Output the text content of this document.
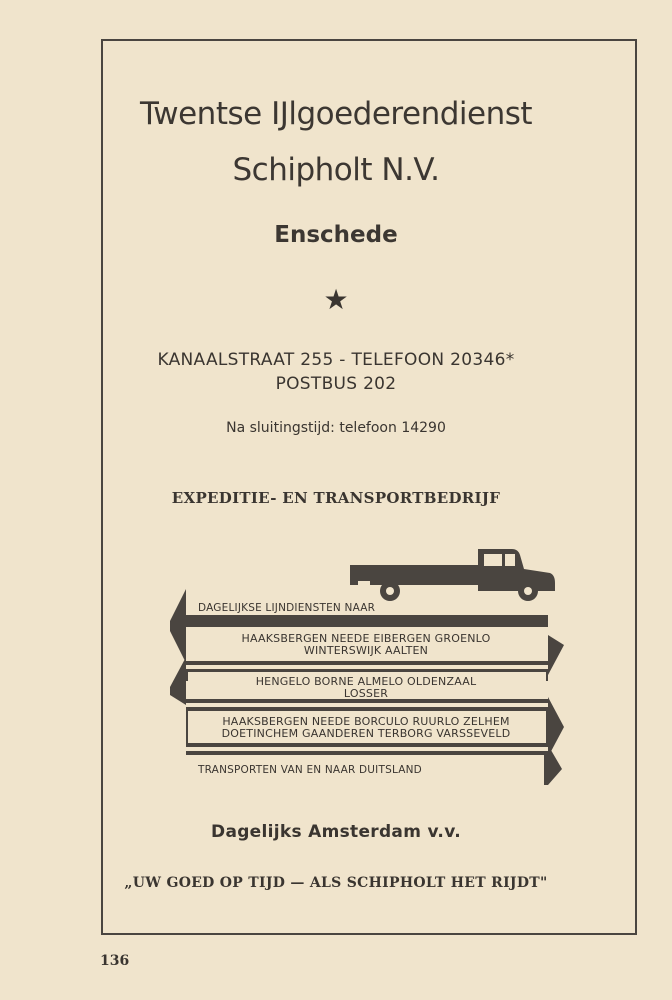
Twentse IJlgoederendienst
Schipholt N.V.
Enschede
★
KANAALSTRAAT 255 - TELEFOON 20346*
POSTBUS 202
Na sluitingstijd: telefoon 14290
EXPEDITIE- EN TRANSPORTBEDRIJF
DAGELIJKSE LIJNDIENSTEN NAAR
HAAKSBERGEN NEEDE EIBERGEN GROENLO
WINTERSWIJK AALTEN
HENGELO BORNE ALMELO OLDENZAAL
LOSSER
HAAKSBERGEN NEEDE BORCULO RUURLO ZELHEM
DOETINCHEM GAANDEREN TERBORG VARSSEVELD
TRANSPORTEN VAN EN NAAR DUITSLAND
Dagelijks Amsterdam v.v.
„UW GOED OP TIJD — ALS SCHIPHOLT HET RIJDT"
136
